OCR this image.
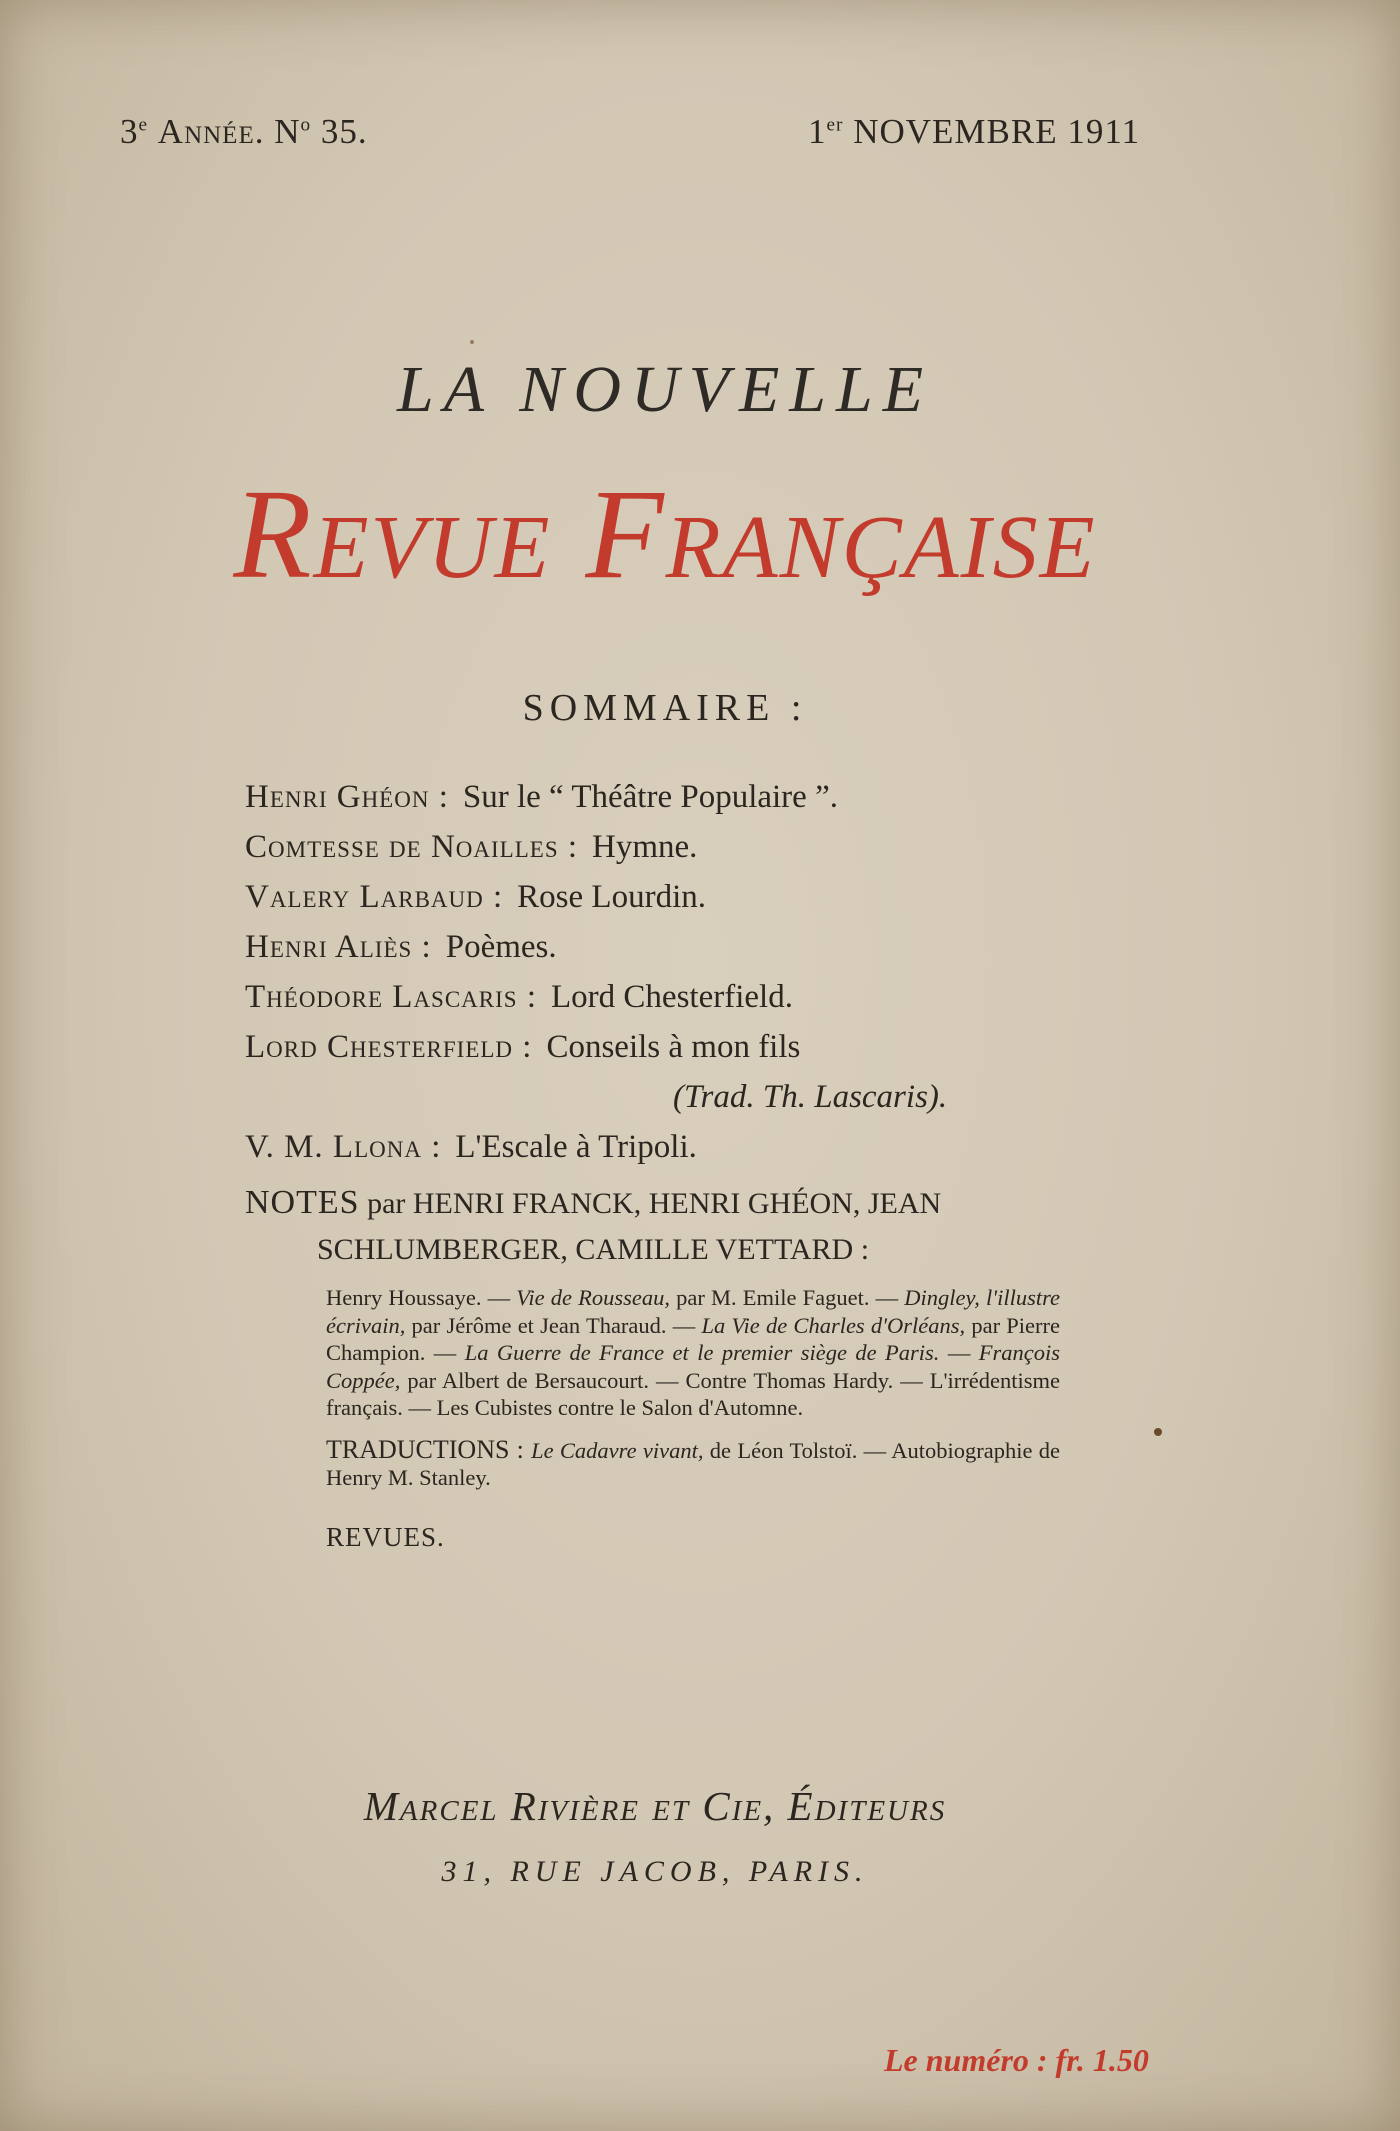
3e Année. $N^o$ 35.	1er NOVEMBRE 1911
LA NOUVELLE
Revue Française
SOMMAIRE :
Henri Ghéon : Sur le “ Théâtre Populaire ”.
Comtesse de Noailles : Hymne.
Valery Larbaud : Rose Lourdin.
Henri Aliès : Poèmes.
Théodore Lascaris : Lord Chesterfield.
Lord Chesterfield : Conseils à mon fils
(Trad. Th. Lascaris).
V. M. Llona : L'Escale à Tripoli.
NOTES par HENRI FRANCK, HENRI GHÉON, JEAN
SCHLUMBERGER, CAMILLE VETTARD :

Henry Houssaye. — Vie de Rousseau, par M. Emile Faguet. — Dingley, l'illustre écrivain, par Jérôme et Jean Tharaud. — La Vie de Charles d'Orléans, par Pierre Champion. — La Guerre de France et le premier siège de Paris. — François Coppée, par Albert de Bersaucourt. — Contre Thomas Hardy. — L'irrédentisme français. — Les Cubistes contre le Salon d'Automne.

TRADUCTIONS : Le Cadavre vivant, de Léon Tolstoï. — Autobiographie de Henry M. Stanley.

REVUES.
Marcel Rivière et Cie, Éditeurs
31, RUE JACOB, PARIS.
Le numéro : fr. 1.50
